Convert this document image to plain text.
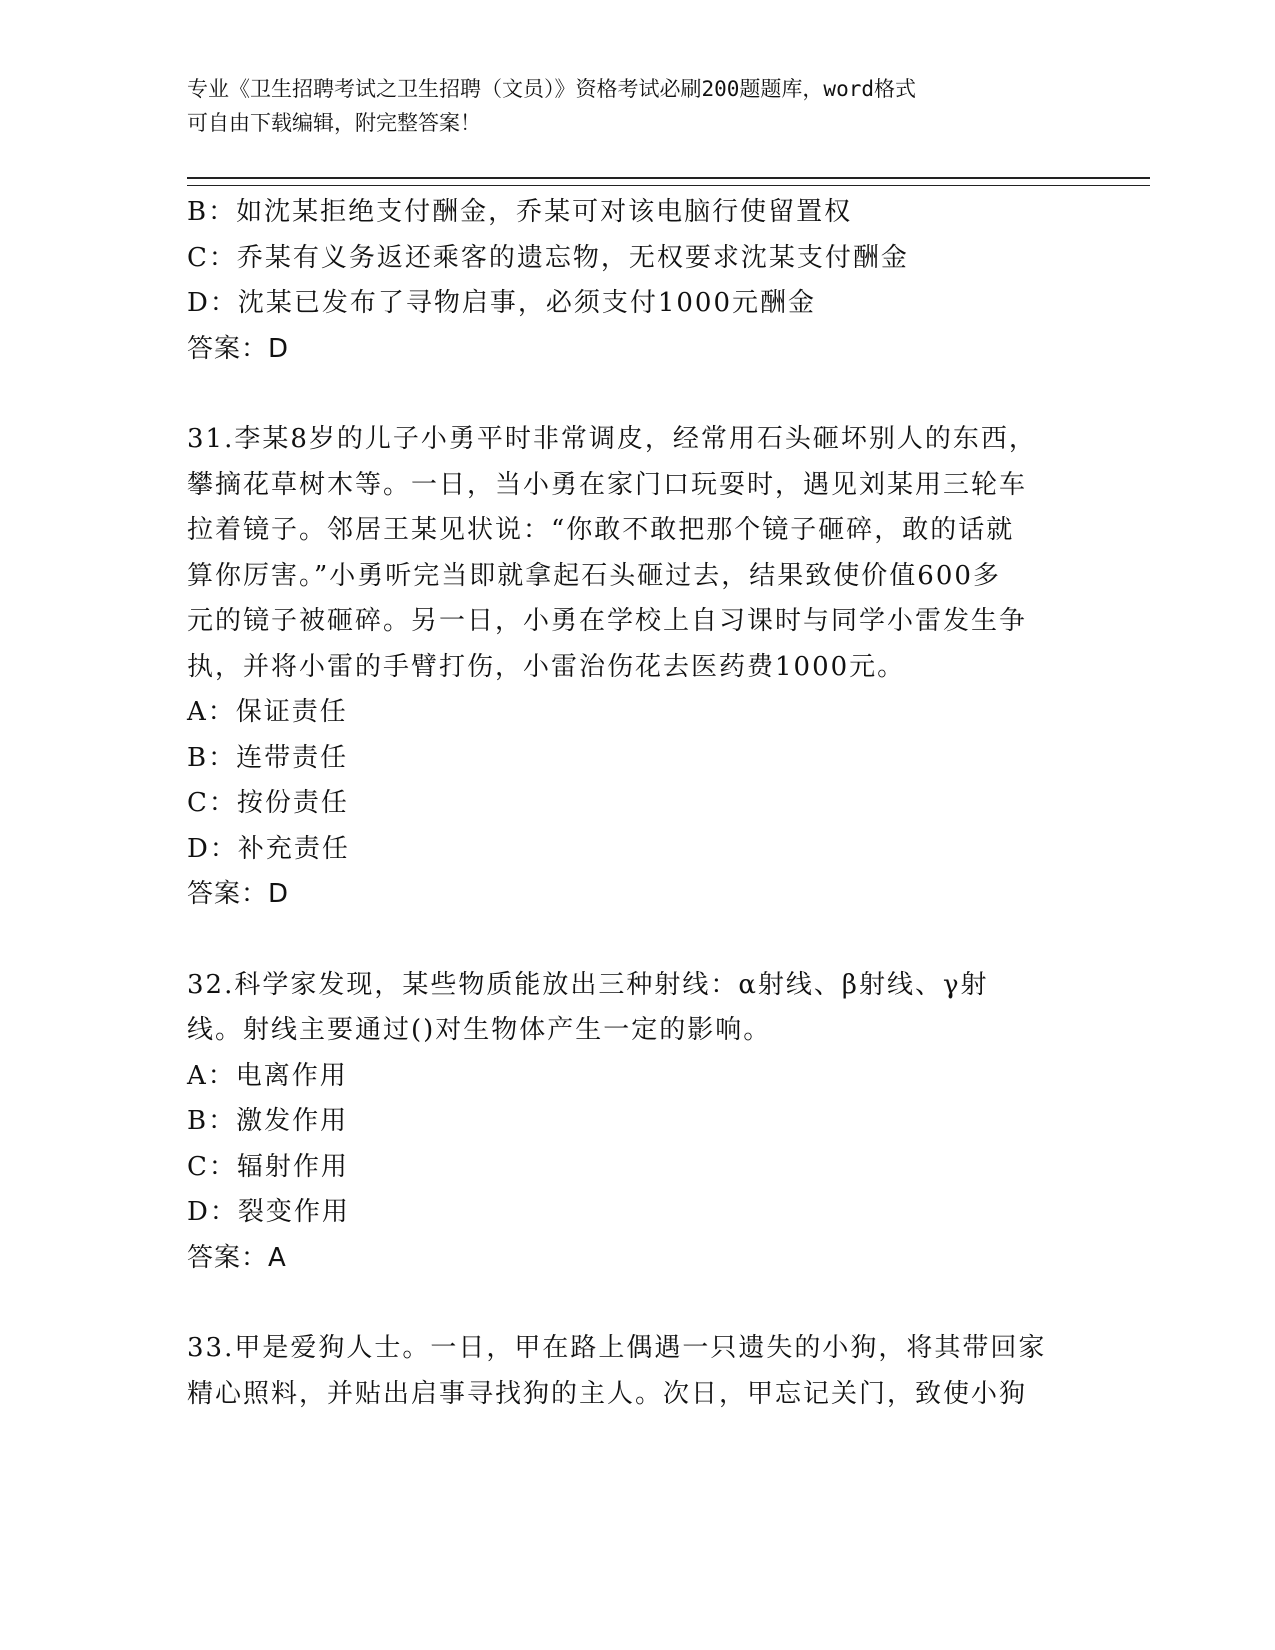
专业《卫生招聘考试之卫生招聘（文员）》资格考试必刷200题题库，word格式
可自由下载编辑，附完整答案！

B：如沈某拒绝支付酬金，乔某可对该电脑行使留置权

C：乔某有义务返还乘客的遗忘物，无权要求沈某支付酬金

D：沈某已发布了寻物启事，必须支付1000元酬金

答案：D

31.李某8岁的儿子小勇平时非常调皮，经常用石头砸坏别人的东西，

攀摘花草树木等。一日，当小勇在家门口玩耍时，遇见刘某用三轮车

拉着镜子。邻居王某见状说：“你敢不敢把那个镜子砸碎，敢的话就

算你厉害。”小勇听完当即就拿起石头砸过去，结果致使价值600多

元的镜子被砸碎。另一日，小勇在学校上自习课时与同学小雷发生争

执，并将小雷的手臂打伤，小雷治伤花去医药费1000元。

A：保证责任

B：连带责任

C：按份责任

D：补充责任

答案：D

32.科学家发现，某些物质能放出三种射线：α射线、β射线、γ射

线。射线主要通过()对生物体产生一定的影响。

A：电离作用

B：激发作用

C：辐射作用

D：裂变作用

答案：A

33.甲是爱狗人士。一日，甲在路上偶遇一只遗失的小狗，将其带回家

精心照料，并贴出启事寻找狗的主人。次日，甲忘记关门，致使小狗
